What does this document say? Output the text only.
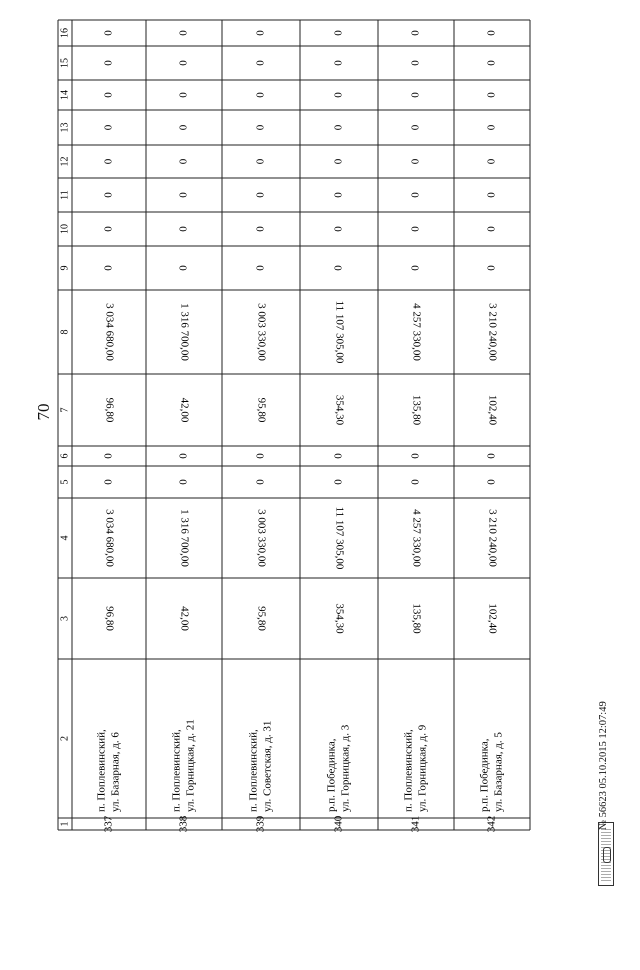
70
16
15
14
13
12
11
10
9
8
7
6
5
4
3
2
1
0
0
0
0
0
0
0
0
3 034 680,00
96,80
0
0
3 034 680,00
96,80
п. Поплевинский, ул. Базарная, д. 6
337
0
0
0
0
0
0
0
0
1 316 700,00
42,00
0
0
1 316 700,00
42,00
п. Поплевинский, ул. Горницкая, д. 21
338
0
0
0
0
0
0
0
0
3 003 330,00
95,80
0
0
3 003 330,00
95,80
п. Поплевинский, ул. Советская, д. 31
339
0
0
0
0
0
0
0
0
11 107 305,00
354,30
0
0
11 107 305,00
354,30
р.п. Побединка, ул. Горницкая, д. 3
340
0
0
0
0
0
0
0
0
4 257 330,00
135,80
0
0
4 257 330,00
135,80
п. Поплевинский, ул. Горницкая, д. 9
341
0
0
0
0
0
0
0
0
3 210 240,00
102,40
0
0
3 210 240,00
102,40
р.п. Побединка, ул. Базарная, д. 5
342	№ 56623 05.10.2015 12:07:49
